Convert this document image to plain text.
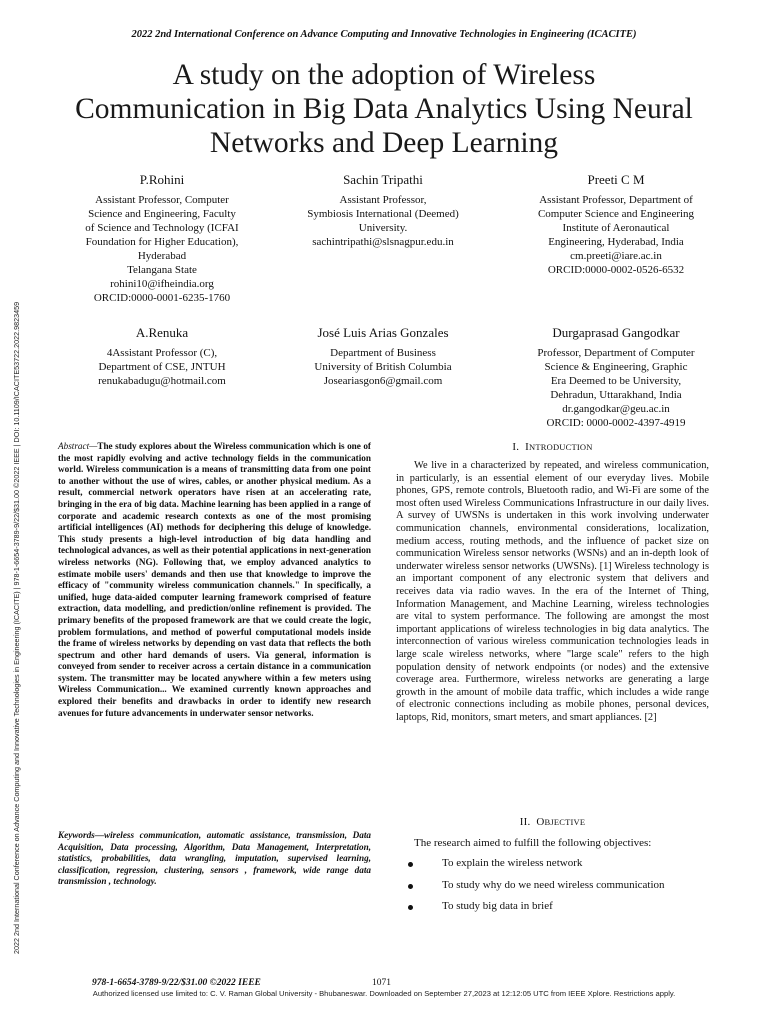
2022 2nd International Conference on Advance Computing and Innovative Technologies in Engineering (ICACITE)
2022 2nd International Conference on Advance Computing and Innovative Technologies in Engineering (ICACITE) | 978-1-6654-3789-9/22/$31.00 ©2022 IEEE | DOI: 10.1109/ICACITE53722.2022.9823459
A study on the adoption of Wireless
Communication in Big Data Analytics Using Neural
Networks and Deep Learning
P.Rohini
Assistant Professor, Computer
Science and Engineering, Faculty
of Science and Technology (ICFAI
Foundation for Higher Education),
Hyderabad
Telangana State
rohini10@ifheindia.org
ORCID:0000-0001-6235-1760
Sachin Tripathi
Assistant Professor,
Symbiosis International (Deemed)
University.
sachintripathi@slsnagpur.edu.in
Preeti C M
Assistant Professor, Department of
Computer Science and Engineering
Institute of Aeronautical
Engineering, Hyderabad, India
cm.preeti@iare.ac.in
ORCID:0000-0002-0526-6532
A.Renuka
4Assistant Professor (C),
Department of CSE, JNTUH
renukabadugu@hotmail.com
José Luis Arias Gonzales
Department of Business
University of British Columbia
Joseariasgon6@gmail.com
Durgaprasad Gangodkar
Professor, Department of Computer
Science & Engineering, Graphic
Era Deemed to be University,
Dehradun, Uttarakhand, India
dr.gangodkar@geu.ac.in
ORCID: 0000-0002-4397-4919
Abstract—The study explores about the Wireless communication which is one of the most rapidly evolving and active technology fields in the communication world. Wireless communication is a means of transmitting data from one point to another without the use of wires, cables, or another physical medium. As a result, commercial network operators have risen at an accelerating rate, bringing in the era of big data. Machine learning has been applied in a range of corporate and academic research contexts as one of the most promising artificial intelligences (AI) methods for deciphering this deluge of knowledge. This study presents a high-level introduction of big data handling and technological advances, as well as their potential applications in next-generation wireless networks (NG). Following that, we employ advanced analytics to estimate mobile users' demands and then use that knowledge to improve the efficacy of "community wireless communication channels." In specifically, a unified, huge data-aided computer learning framework comprised of feature extraction, data modelling, and prediction/online refinement is provided. The primary benefits of the proposed framework are that we could create the logic, problem formulations, and method of powerful computational models inside the frame of wireless networks by depending on vast data that reflects the both spectrum and other hard demands of users. Via general, information is conveyed from sender to receiver across a certain distance in a communication system. The transmitter may be located anywhere within a few meters using Wireless Communication... We examined currently known approaches and explored their benefits and drawbacks in order to identify new research avenues for future advancements in underwater sensor networks.
Keywords—wireless communication, automatic assistance, transmission, Data Acquisition, Data processing, Algorithm, Data Management, Interpretation, statistics, probabilities, data wrangling, imputation, supervised learning, classification, regression, clustering, sensors , framework, wide range data transmission , technology.
I. INTRODUCTION
We live in a characterized by repeated, and wireless communication, in particularly, is an essential element of our everyday lives. Mobile phones, GPS, remote controls, Bluetooth radio, and Wi-Fi are some of the most often used Wireless Communications Infrastructure in our daily lives. A survey of UWSNs is undertaken in this work involving underwater communication channels, environmental considerations, localization, medium access, routing methods, and the influence of packet size on communication Wireless sensor networks (WSNs) and an in-depth look of underwater wireless sensor networks (UWSNs). [1] Wireless technology is an important component of any electronic system that delivers and receives data via radio waves. In the era of the Internet of Thing, Information Management, and Machine Learning, wireless technologies are vital to system performance. The following are amongst the most important applications of wireless technologies in big data analytics. The interconnection of various wireless communication technologies leads in large scale wireless networks, where "large scale" refers to the high population density of network endpoints (or nodes) and the extensive coverage area. Furthermore, wireless networks are generating a large growth in the amount of mobile data traffic, which includes a wide range of electronic connections including as mobile phones, personal devices, laptops, Rid, monitors, smart meters, and smart appliances. [2]
II. OBJECTIVE
The research aimed to fulfill the following objectives:
To explain the wireless network
To study why do we need wireless communication
To study big data in brief
978-1-6654-3789-9/22/$31.00 ©2022 IEEE	1071
Authorized licensed use limited to: C. V. Raman Global University - Bhubaneswar. Downloaded on September 27,2023 at 12:12:05 UTC from IEEE Xplore. Restrictions apply.
